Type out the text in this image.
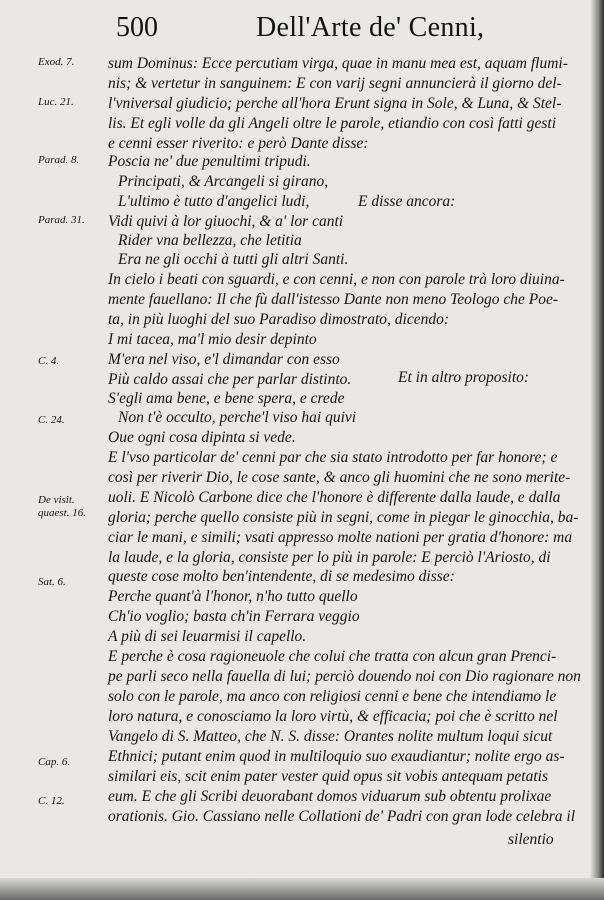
500	Dell'Arte de' Cenni,
Exod. 7.
Luc. 21.
Parad. 8.
Parad. 31.
C. 4.
C. 24.
De visit.
quaest. 16.
Sat. 6.
Cap. 6.
C. 12.
sum Dominus: Ecce percutiam virga, quae in manu mea est, aquam flumi-
nis; & vertetur in sanguinem: E con varij segni annuncierà il giorno del-
l'vniversal giudicio; perche all'hora Erunt signa in Sole, & Luna, & Stel-
lis. Et egli volle da gli Angeli oltre le parole, etiandio con così fatti gesti
e cenni esser riverito: e però Dante disse:
Poscia ne' due penultimi tripudi.
Principati, & Arcangeli si girano,
L'ultimo è tutto d'angelici ludi,	E disse ancora:
Vidi quivi à lor giuochi, & a' lor canti
Rider vna bellezza, che letitia
Era ne gli occhi à tutti gli altri Santi.
In cielo i beati con sguardi, e con cenni, e non con parole trà loro diuina-
mente fauellano: Il che fù dall'istesso Dante non meno Teologo che Poe-
ta, in più luoghi del suo Paradiso dimostrato, dicendo:
I mi tacea, ma'l mio desir depinto
M'era nel viso, e'l dimandar con esso
Più caldo assai che per parlar distinto.	Et in altro proposito:
S'egli ama bene, e bene spera, e crede
Non t'è occulto, perche'l viso hai quivi
Oue ogni cosa dipinta si vede.
E l'vso particolar de' cenni par che sia stato introdotto per far honore; e
così per riverir Dio, le cose sante, & anco gli huomini che ne sono merite-
uoli. E Nicolò Carbone dice che l'honore è differente dalla laude, e dalla
gloria; perche quello consiste più in segni, come in piegar le ginocchia, ba-
ciar le mani, e simili; vsati appresso molte nationi per gratia d'honore: ma
la laude, e la gloria, consiste per lo più in parole: E perciò l'Ariosto, di
queste cose molto ben'intendente, di se medesimo disse:
Perche quant'à l'honor, n'ho tutto quello
Ch'io voglio; basta ch'in Ferrara veggio
A più di sei leuarmisi il capello.
E perche è cosa ragioneuole che colui che tratta con alcun gran Prenci-
pe parli seco nella fauella di lui; perciò douendo noi con Dio ragionare non
solo con le parole, ma anco con religiosi cenni e bene che intendiamo le
loro natura, e conosciamo la loro virtù, & efficacia; poi che è scritto nel
Vangelo di S. Matteo, che N. S. disse: Orantes nolite multum loqui sicut
Ethnici; putant enim quod in multiloquio suo exaudiantur; nolite ergo as-
similari eis, scit enim pater vester quid opus sit vobis antequam petatis
eum. E che gli Scribi deuorabant domos viduarum sub obtentu prolixae
orationis. Gio. Cassiano nelle Collationi de' Padri con gran lode celebra il
silentio
